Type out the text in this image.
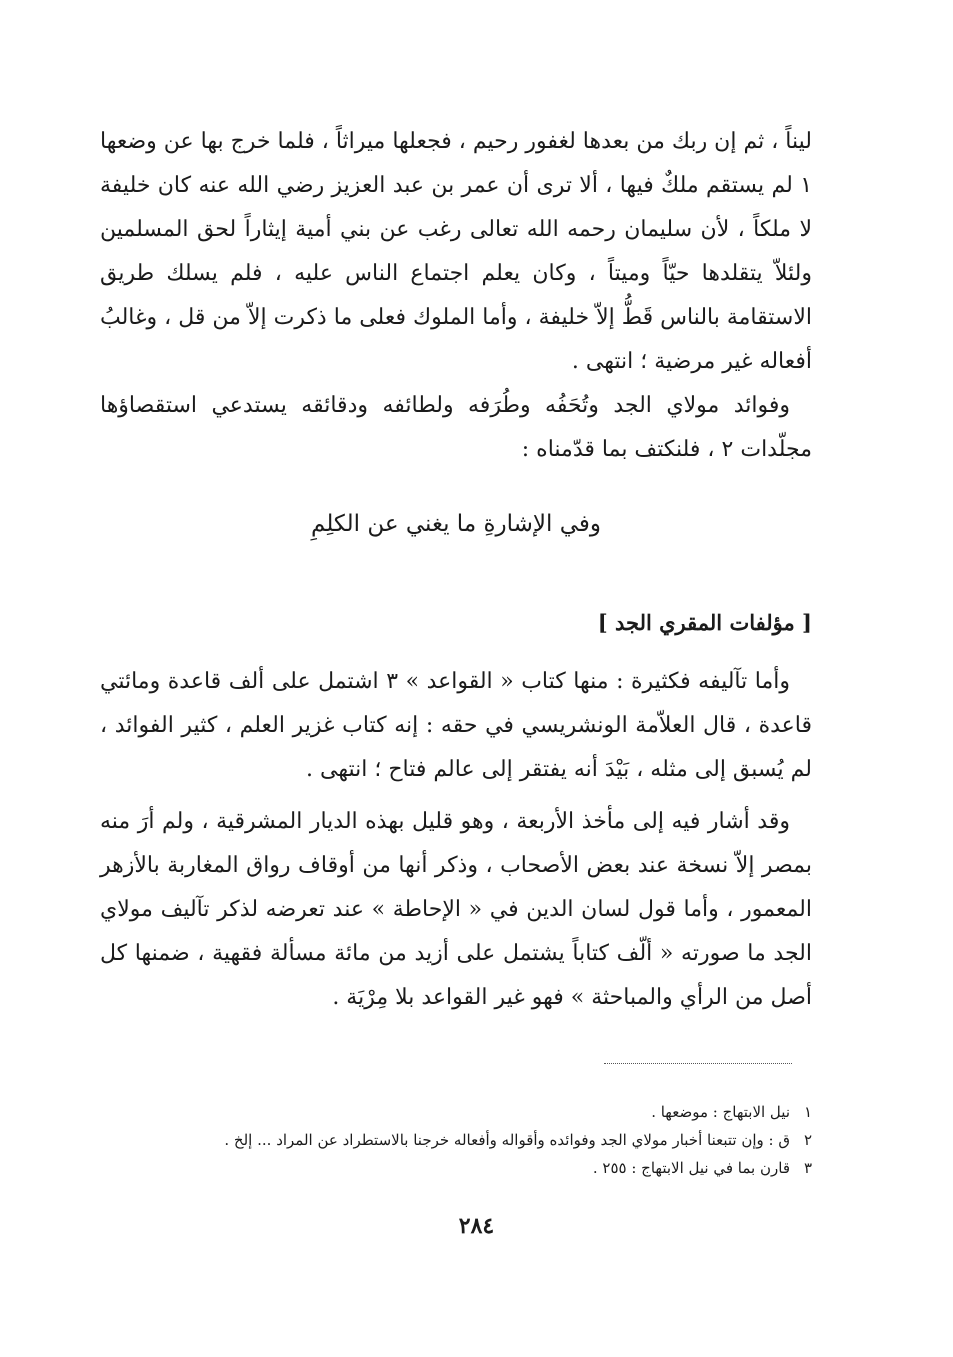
ليناً ، ثم إن ربك من بعدها لغفور رحيم ، فجعلها ميراثاً ، فلما خرج بها عن وضعها ١ لم يستقم ملكٌ فيها ، ألا ترى أن عمر بن عبد العزيز رضي الله عنه كان خليفة لا ملكاً ، لأن سليمان رحمه الله تعالى رغب عن بني أمية إيثاراً لحق المسلمين ولئلاّ يتقلدها حيّاً وميتاً ، وكان يعلم اجتماع الناس عليه ، فلم يسلك طريق الاستقامة بالناس قَطُّ إلاّ خليفة ، وأما الملوك فعلى ما ذكرت إلاّ من قل ، وغالبُ أفعاله غير مرضية ؛ انتهى .

وفوائد مولاي الجد وتُحَفُه وطُرَفه ولطائفه ودقائقه يستدعي استقصاؤها مجلّدات ٢ ، فلنكتف بما قدّمناه :

وفي الإشارةِ ما يغني عن الكلِمِ

[ مؤلفات المقري الجد ]

وأما تآليفه فكثيرة : منها كتاب « القواعد » ٣ اشتمل على ألف قاعدة ومائتي قاعدة ، قال العلاّمة الونشريسي في حقه : إنه كتاب غزير العلم ، كثير الفوائد ، لم يُسبق إلى مثله ، بَيْدَ أنه يفتقر إلى عالم فتاح ؛ انتهى .

وقد أشار فيه إلى مأخذ الأربعة ، وهو قليل بهذه الديار المشرقية ، ولم أرَ منه بمصر إلاّ نسخة عند بعض الأصحاب ، وذكر أنها من أوقاف رواق المغاربة بالأزهر المعمور ، وأما قول لسان الدين في « الإحاطة » عند تعرضه لذكر تآليف مولاي الجد ما صورته « ألّف كتاباً يشتمل على أزيد من مائة مسألة فقهية ، ضمنها كل أصل من الرأي والمباحثة » فهو غير القواعد بلا مِرْيَة .

١
نيل الابتهاج : موضعها .
٢
ق : وإن تتبعنا أخبار مولاي الجد وفوائده وأقواله وأفعاله خرجنا بالاستطراد عن المراد ... إلخ .
٣
قارن بما في نيل الابتهاج : ٢٥٥ .

٢٨٤
